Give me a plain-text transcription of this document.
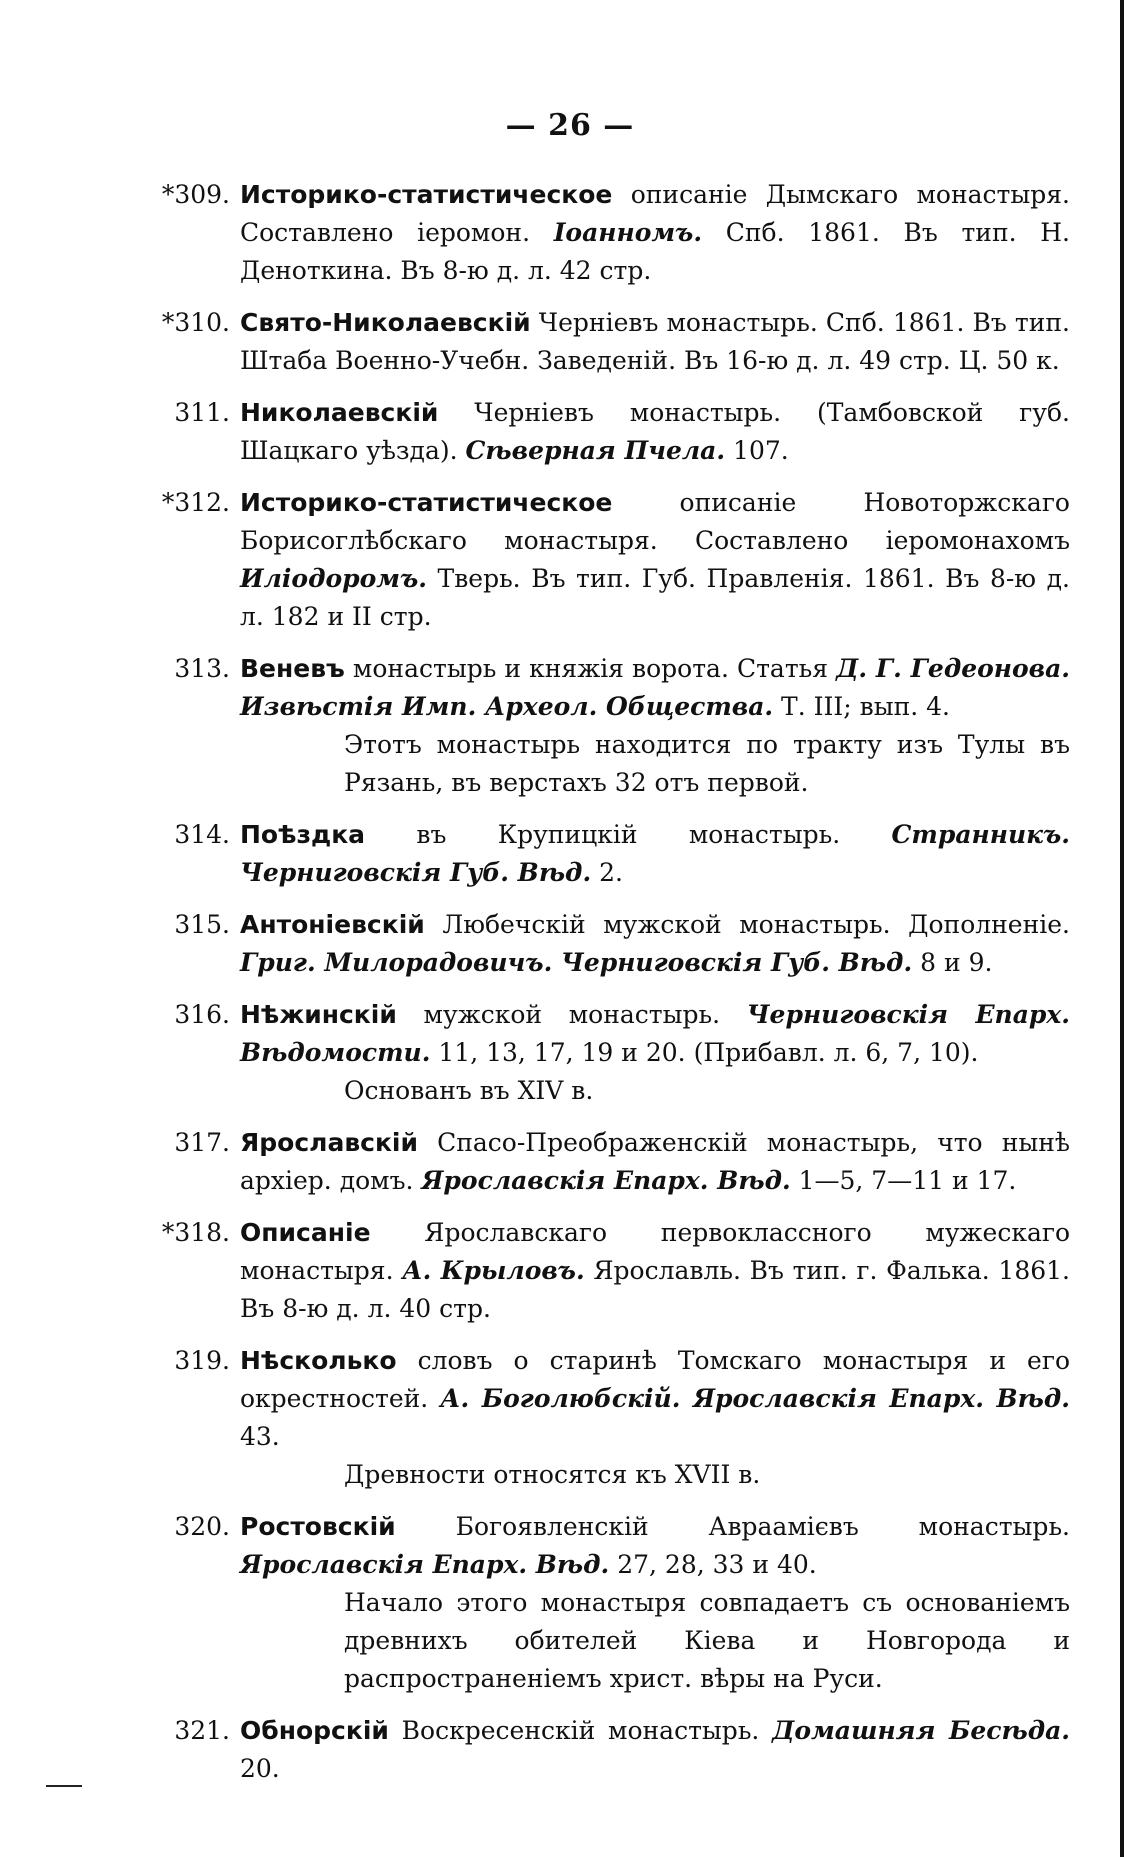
— 26 —
*309. Историко-статистическое описаніе Дымскаго монастыря. Составлено іеромон. Іоанномъ. Спб. 1861. Въ тип. Н. Деноткина. Въ 8-ю д. л. 42 стр.
*310. Свято-Николаевскій Черніевъ монастырь. Спб. 1861. Въ тип. Штаба Военно-Учебн. Заведеній. Въ 16-ю д. л. 49 стр. Ц. 50 к.
311. Николаевскій Черніевъ монастырь. (Тамбовской губ. Шацкаго уѣзда). Сѣверная Пчела. 107.
*312. Историко-статистическое описаніе Новоторжскаго Борисоглѣбскаго монастыря. Составлено іеромонахомъ Иліодоромъ. Тверь. Въ тип. Губ. Правленія. 1861. Въ 8-ю д. л. 182 и II стр.
313. Веневъ монастырь и княжія ворота. Статья Д. Г. Гедеонова. Извѣстія Имп. Археол. Общества. Т. III; вып. 4.
Этотъ монастырь находится по тракту изъ Тулы въ Рязань, въ верстахъ 32 отъ первой.
314. Поѣздка въ Крупицкій монастырь. Странникъ. Черниговскія Губ. Вѣд. 2.
315. Антоніевскій Любечскій мужской монастырь. Дополненіе. Григ. Милорадовичъ. Черниговскія Губ. Вѣд. 8 и 9.
316. Нѣжинскій мужской монастырь. Черниговскія Епарх. Вѣдомости. 11, 13, 17, 19 и 20. (Прибавл. л. 6, 7, 10).
Основанъ въ XIV в.
317. Ярославскій Спасо-Преображенскій монастырь, что нынѣ архіер. домъ. Ярославскія Епарх. Вѣд. 1—5, 7—11 и 17.
*318. Описаніе Ярославскаго первоклассного мужескаго монастыря. А. Крыловъ. Ярославль. Въ тип. г. Фалька. 1861. Въ 8-ю д. л. 40 стр.
319. Нѣсколько словъ о старинѣ Томскаго монастыря и его окрестностей. А. Боголюбскій. Ярославскія Епарх. Вѣд. 43.
Древности относятся къ XVII в.
320. Ростовскій Богоявленскій Авраамієвъ монастырь. Ярославскія Епарх. Вѣд. 27, 28, 33 и 40.
Начало этого монастыря совпадаетъ съ основаніемъ древнихъ обителей Кіева и Новгорода и распространеніемъ христ. вѣры на Руси.
321. Обнорскій Воскресенскій монастырь. Домашняя Бесѣда. 20.
